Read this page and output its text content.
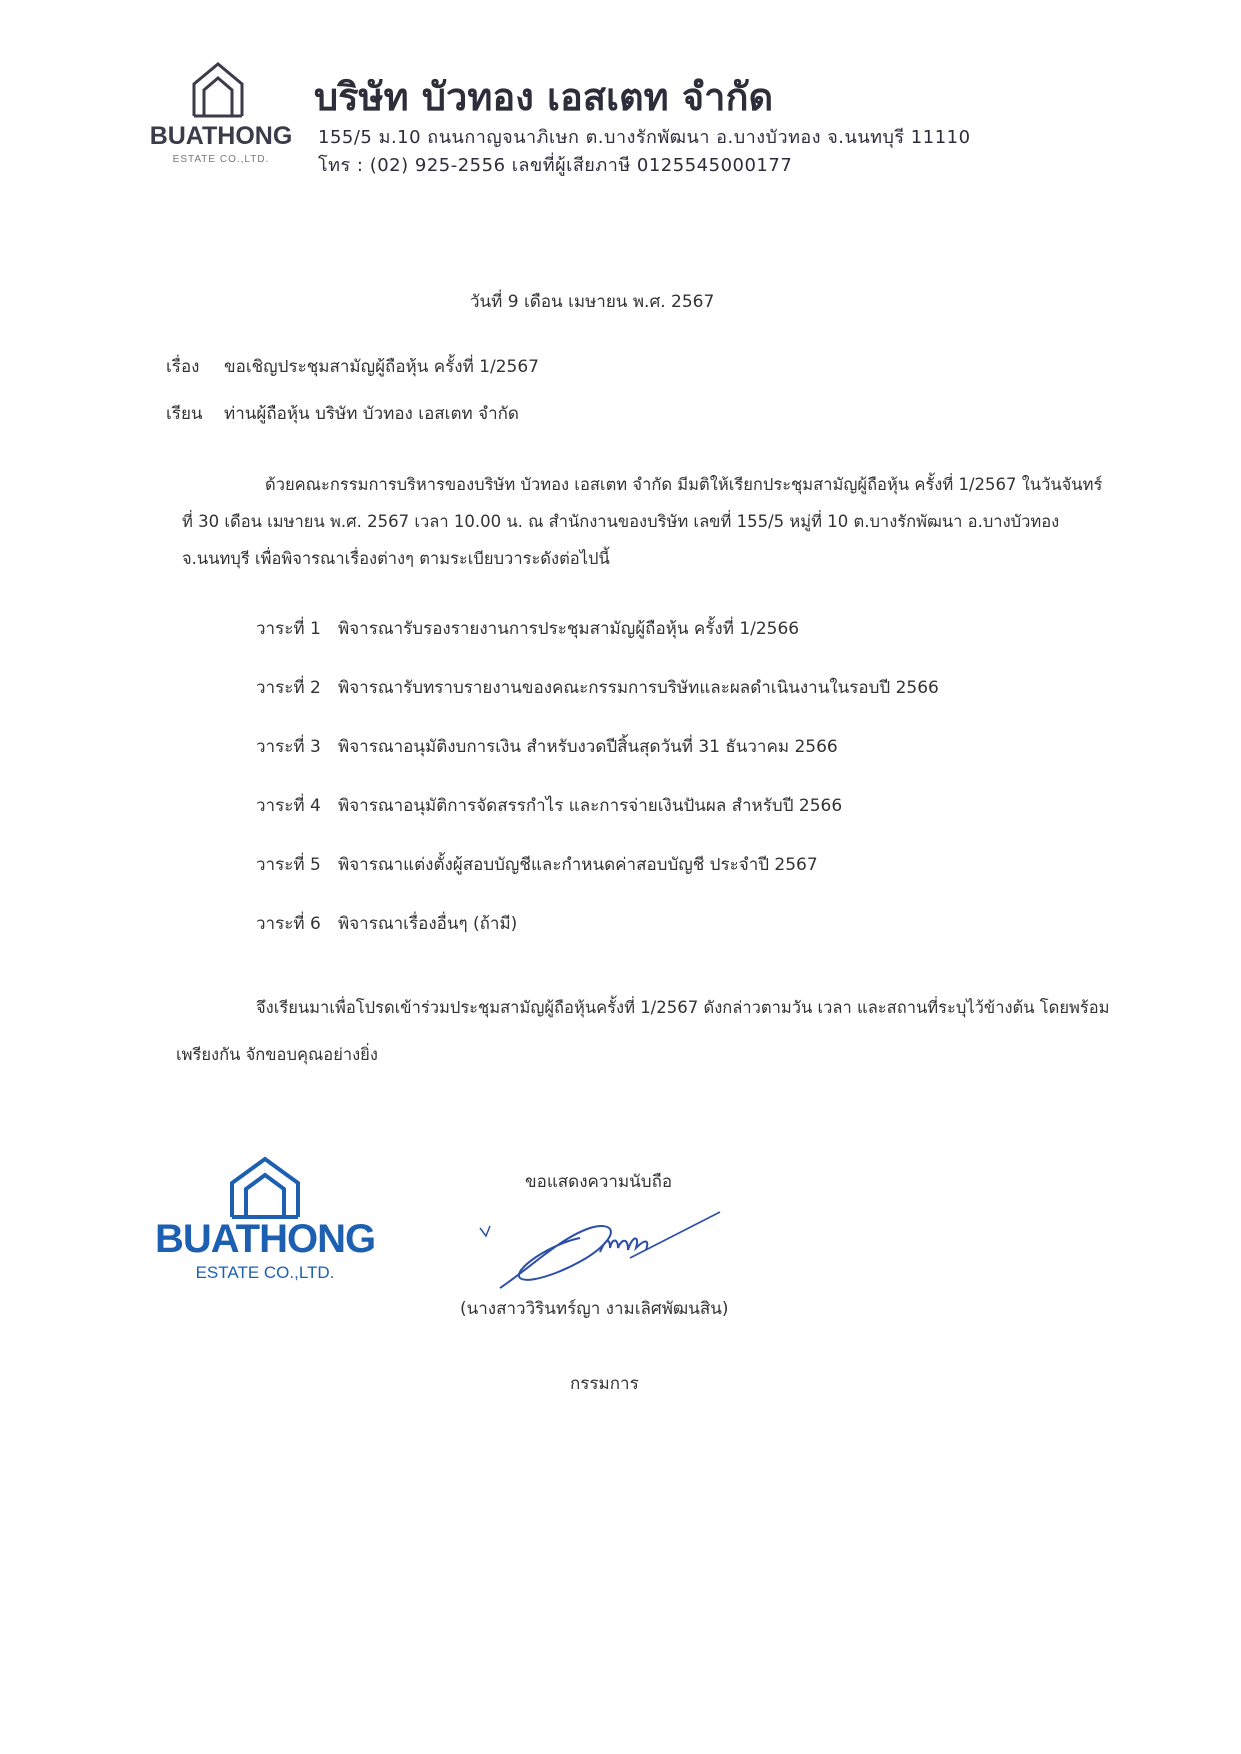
BUATHONG
ESTATE CO.,LTD.
บริษัท บัวทอง เอสเตท จำกัด
155/5 ม.10 ถนนกาญจนาภิเษก ต.บางรักพัฒนา อ.บางบัวทอง จ.นนทบุรี 11110
โทร : (02) 925-2556 เลขที่ผู้เสียภาษี 0125545000177
วันที่ 9 เดือน เมษายน พ.ศ. 2567
เรื่อง ขอเชิญประชุมสามัญผู้ถือหุ้น ครั้งที่ 1/2567
เรียน ท่านผู้ถือหุ้น บริษัท บัวทอง เอสเตท จำกัด
ด้วยคณะกรรมการบริหารของบริษัท บัวทอง เอสเตท จำกัด มีมติให้เรียกประชุมสามัญผู้ถือหุ้น ครั้งที่ 1/2567 ในวันจันทร์ ที่ 30 เดือน เมษายน พ.ศ. 2567 เวลา 10.00 น. ณ สำนักงานของบริษัท เลขที่ 155/5 หมู่ที่ 10 ต.บางรักพัฒนา อ.บางบัวทอง จ.นนทบุรี เพื่อพิจารณาเรื่องต่างๆ ตามระเบียบวาระดังต่อไปนี้
วาระที่ 1	พิจารณารับรองรายงานการประชุมสามัญผู้ถือหุ้น ครั้งที่ 1/2566
วาระที่ 2	พิจารณารับทราบรายงานของคณะกรรมการบริษัทและผลดำเนินงานในรอบปี 2566
วาระที่ 3	พิจารณาอนุมัติงบการเงิน สำหรับงวดปีสิ้นสุดวันที่ 31 ธันวาคม 2566
วาระที่ 4	พิจารณาอนุมัติการจัดสรรกำไร และการจ่ายเงินปันผล สำหรับปี 2566
วาระที่ 5	พิจารณาแต่งตั้งผู้สอบบัญชีและกำหนดค่าสอบบัญชี ประจำปี 2567
วาระที่ 6	พิจารณาเรื่องอื่นๆ (ถ้ามี)
จึงเรียนมาเพื่อโปรดเข้าร่วมประชุมสามัญผู้ถือหุ้นครั้งที่ 1/2567 ดังกล่าวตามวัน เวลา และสถานที่ระบุไว้ข้างต้น โดยพร้อมเพรียงกัน จักขอบคุณอย่างยิ่ง
BUATHONG
ESTATE CO.,LTD.
ขอแสดงความนับถือ
(นางสาววิรินทร์ญา งามเลิศพัฒนสิน)
กรรมการ
